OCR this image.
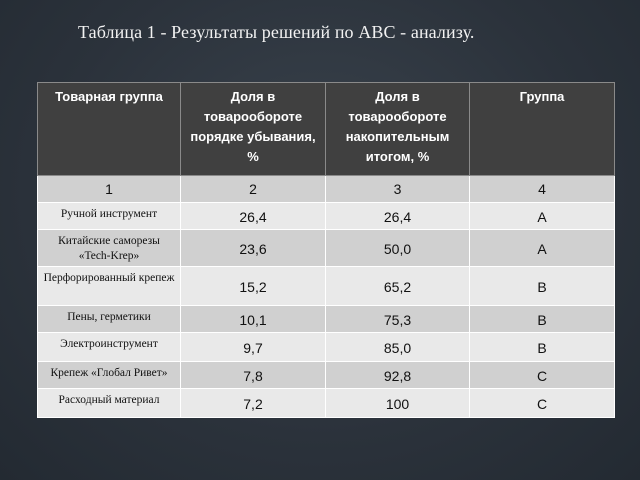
Таблица 1 - Результаты решений по ABC - анализу.
Товарная группа	Доля в товарообороте порядке убывания, %	Доля в товарообороте накопительным итогом, %	Группа
1	2	3	4
Ручной инструмент	26,4	26,4	А
Китайские саморезы «Tech-Krep»	23,6	50,0	А
Перфорированный крепеж	15,2	65,2	В
Пены, герметики	10,1	75,3	В
Электроинструмент	9,7	85,0	В
Крепеж «Глобал Ривет»	7,8	92,8	С
Расходный материал	7,2	100	С
